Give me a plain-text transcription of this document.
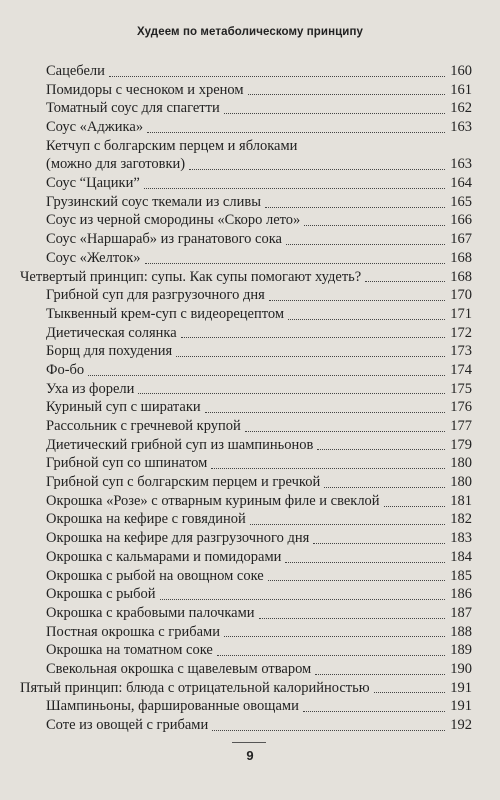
Худеем по метаболическому принципу
Сацебели	160
Помидоры с чесноком и хреном	161
Томатный соус для спагетти	162
Соус «Аджика»	163
Кетчуп с болгарским перцем и яблоками
(можно для заготовки)	163
Соус “Цацики”	164
Грузинский соус ткемали из сливы	165
Соус из черной смородины «Скоро лето»	166
Соус «Наршараб» из гранатового сока	167
Соус «Желток»	168
Четвертый принцип: супы. Как супы помогают худеть?	168
Грибной суп для разгрузочного дня	170
Тыквенный крем-суп с видеорецептом	171
Диетическая солянка	172
Борщ для похудения	173
Фо-бо	174
Уха из форели	175
Куриный суп с ширатаки	176
Рассольник с гречневой крупой	177
Диетический грибной суп из шампиньонов	179
Грибной суп со шпинатом	180
Грибной суп с болгарским перцем и гречкой	180
Окрошка «Розе» с отварным куриным филе и свеклой	181
Окрошка на кефире с говядиной	182
Окрошка на кефире для разгрузочного дня	183
Окрошка с кальмарами и помидорами	184
Окрошка с рыбой на овощном соке	185
Окрошка с рыбой	186
Окрошка с крабовыми палочками	187
Постная окрошка с грибами	188
Окрошка на томатном соке	189
Свекольная окрошка с щавелевым отваром	190
Пятый принцип: блюда с отрицательной калорийностью	191
Шампиньоны, фаршированные овощами	191
Соте из овощей с грибами	192
9
